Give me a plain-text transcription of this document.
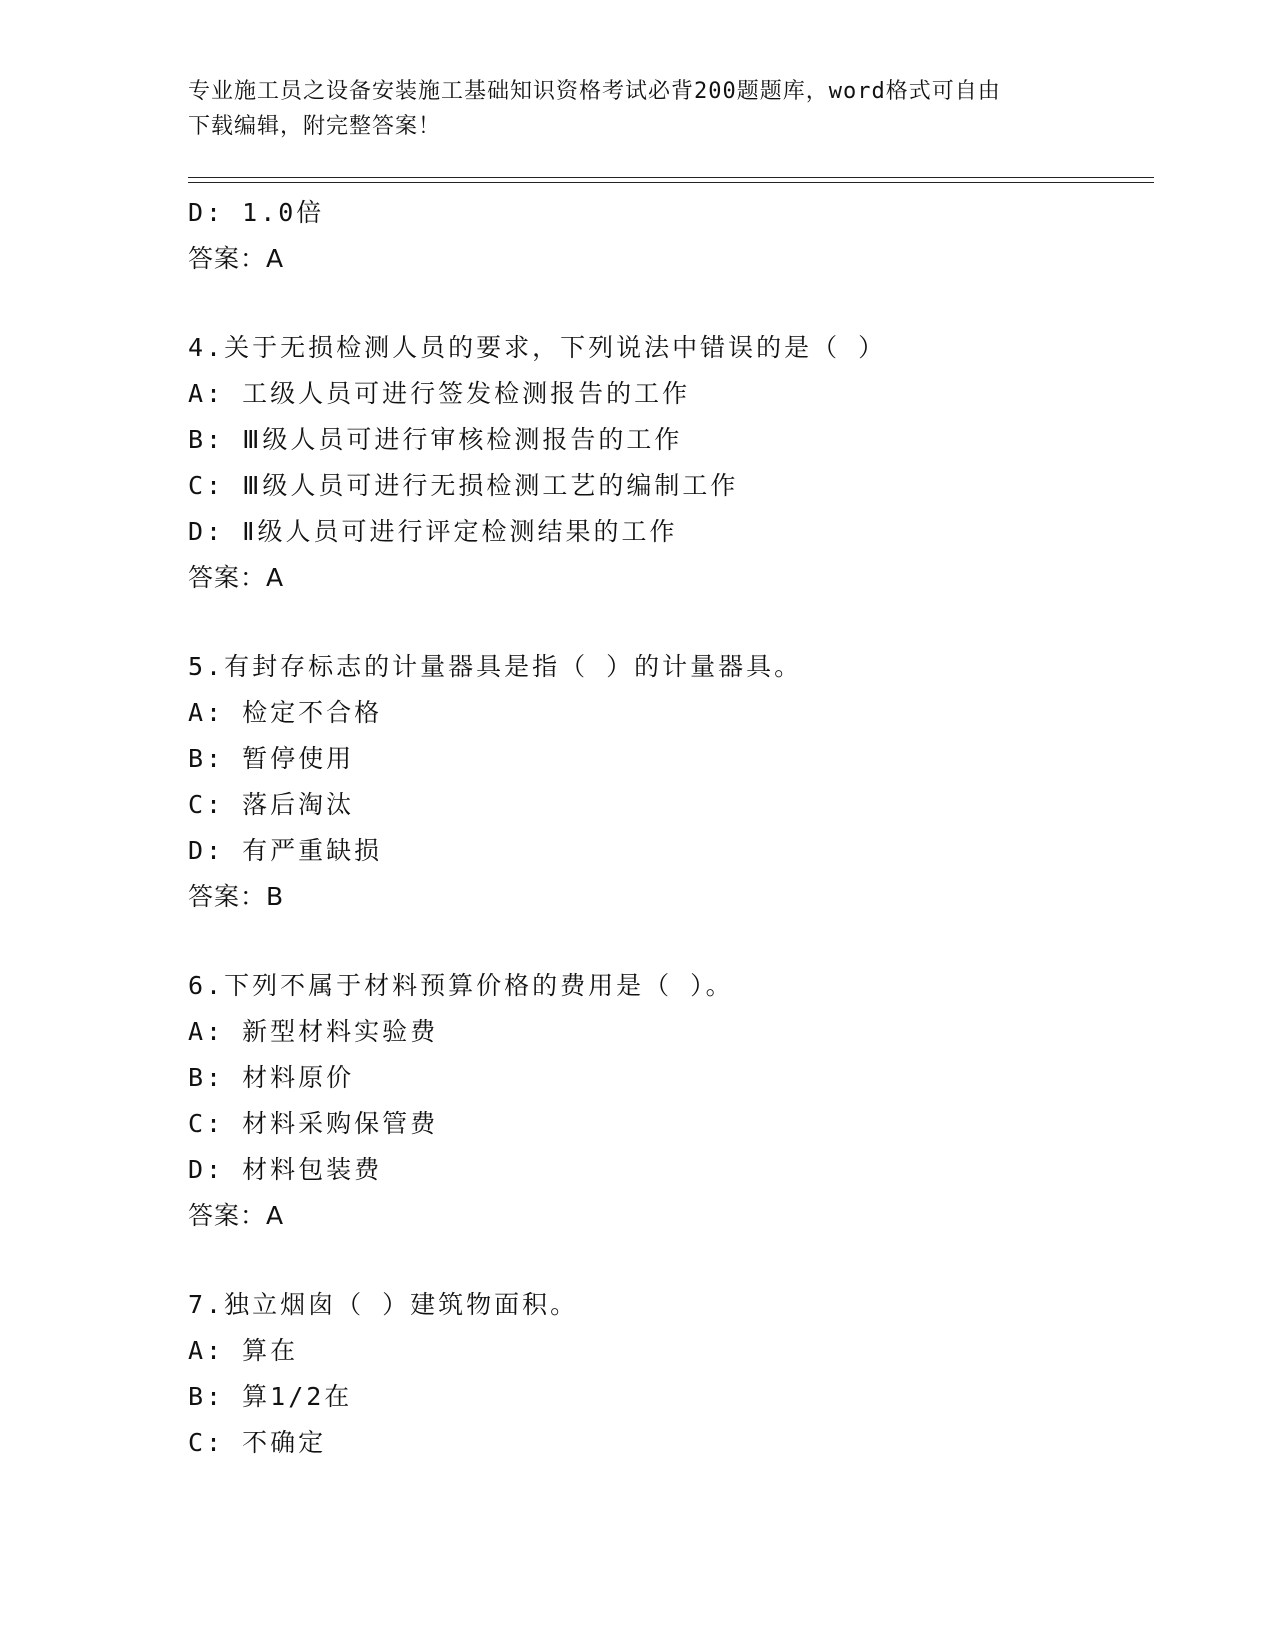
专业施工员之设备安装施工基础知识资格考试必背200题题库，word格式可自由
下载编辑，附完整答案！
D: 1.0倍
答案：A
4.关于无损检测人员的要求，下列说法中错误的是（ ）
A: 工级人员可进行签发检测报告的工作
B: Ⅲ级人员可进行审核检测报告的工作
C: Ⅲ级人员可进行无损检测工艺的编制工作
D: Ⅱ级人员可进行评定检测结果的工作
答案：A
5.有封存标志的计量器具是指（ ）的计量器具。
A: 检定不合格
B: 暂停使用
C: 落后淘汰
D: 有严重缺损
答案：B
6.下列不属于材料预算价格的费用是（ ）。
A: 新型材料实验费
B: 材料原价
C: 材料采购保管费
D: 材料包装费
答案：A
7.独立烟囱（ ）建筑物面积。
A: 算在
B: 算1/2在
C: 不确定
